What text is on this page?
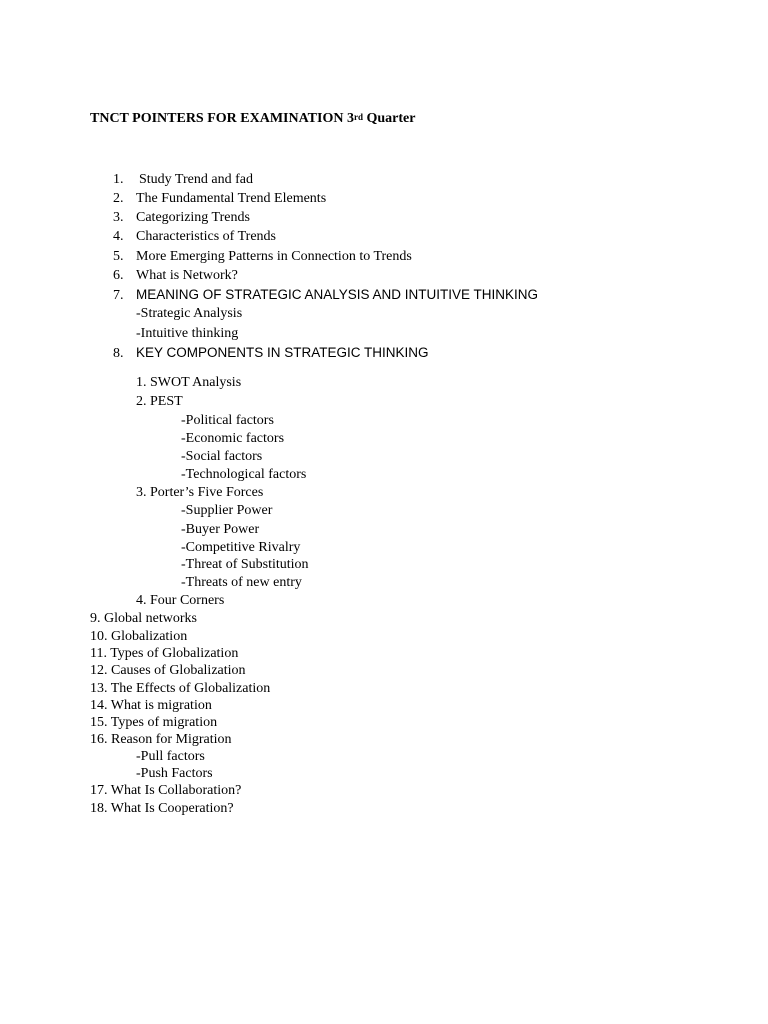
TNCT POINTERS FOR EXAMINATION 3rd Quarter
1. Study Trend and fad
2. The Fundamental Trend Elements
3. Categorizing Trends
4. Characteristics of Trends
5. More Emerging Patterns in Connection to Trends
6. What is Network?
7. MEANING OF STRATEGIC ANALYSIS AND INTUITIVE THINKING
-Strategic Analysis
-Intuitive thinking
8. KEY COMPONENTS IN STRATEGIC THINKING
1. SWOT Analysis
2. PEST
-Political factors
-Economic factors
-Social factors
-Technological factors
3. Porter’s Five Forces
-Supplier Power
-Buyer Power
-Competitive Rivalry
-Threat of Substitution
-Threats of new entry
4. Four Corners
9. Global networks
10. Globalization
11. Types of Globalization
12. Causes of Globalization
13. The Effects of Globalization
14. What is migration
15. Types of migration
16. Reason for Migration
-Pull factors
-Push Factors
17. What Is Collaboration?
18. What Is Cooperation?
